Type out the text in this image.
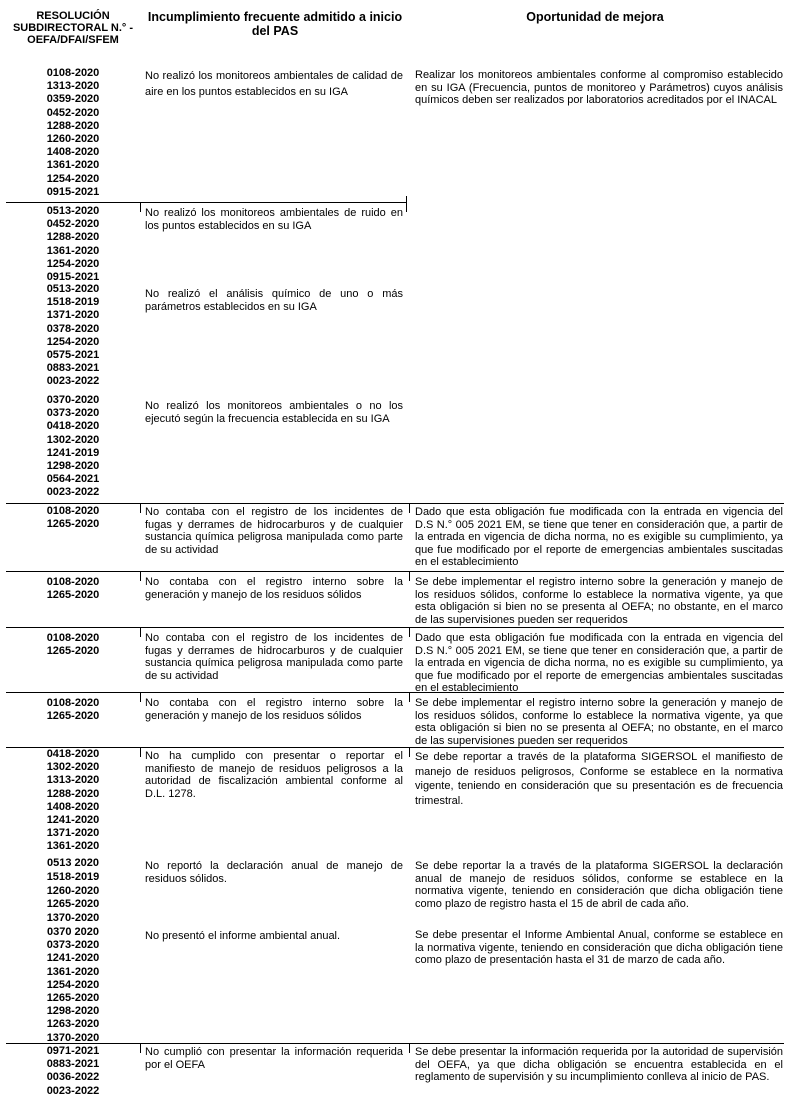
RESOLUCIÓN SUBDIRECTORAL N.° - OEFA/DFAI/SFEM
Incumplimiento frecuente admitido a inicio del PAS
Oportunidad de mejora
0108-2020
1313-2020
0359-2020
0452-2020
1288-2020
1260-2020
1408-2020
1361-2020
1254-2020
0915-2021
No realizó los monitoreos ambientales de calidad de aire en los puntos establecidos en su IGA
Realizar los monitoreos ambientales conforme al compromiso establecido en su IGA (Frecuencia, puntos de monitoreo y Parámetros) cuyos análisis químicos deben ser realizados por laboratorios acreditados por el INACAL
0513-2020
0452-2020
1288-2020
1361-2020
1254-2020
0915-2021
No realizó los monitoreos ambientales de ruido en los puntos establecidos en su IGA
0513-2020
1518-2019
1371-2020
0378-2020
1254-2020
0575-2021
0883-2021
0023-2022
No realizó el análisis químico de uno o más parámetros establecidos en su IGA
0370-2020
0373-2020
0418-2020
1302-2020
1241-2019
1298-2020
0564-2021
0023-2022
No realizó los monitoreos ambientales o no los ejecutó según la frecuencia establecida en su IGA
0108-2020
1265-2020
No contaba con el registro de los incidentes de fugas y derrames de hidrocarburos y de cualquier sustancia química peligrosa manipulada como parte de su actividad
Dado que esta obligación fue modificada con la entrada en vigencia del D.S N.° 005 2021 EM, se tiene que tener en consideración que, a partir de la entrada en vigencia de dicha norma, no es exigible su cumplimiento, ya que fue modificado por el reporte de emergencias ambientales suscitadas en el establecimiento
0108-2020
1265-2020
No contaba con el registro interno sobre la generación y manejo de los residuos sólidos
Se debe implementar el registro interno sobre la generación y manejo de los residuos sólidos, conforme lo establece la normativa vigente, ya que esta obligación si bien no se presenta al OEFA; no obstante, en el marco de las supervisiones pueden ser requeridos
0108-2020
1265-2020
No contaba con el registro de los incidentes de fugas y derrames de hidrocarburos y de cualquier sustancia química peligrosa manipulada como parte de su actividad
Dado que esta obligación fue modificada con la entrada en vigencia del D.S N.° 005 2021 EM, se tiene que tener en consideración que, a partir de la entrada en vigencia de dicha norma, no es exigible su cumplimiento, ya que fue modificado por el reporte de emergencias ambientales suscitadas en el establecimiento
0108-2020
1265-2020
No contaba con el registro interno sobre la generación y manejo de los residuos sólidos
Se debe implementar el registro interno sobre la generación y manejo de los residuos sólidos, conforme lo establece la normativa vigente, ya que esta obligación si bien no se presenta al OEFA; no obstante, en el marco de las supervisiones pueden ser requeridos
0418-2020
1302-2020
1313-2020
1288-2020
1408-2020
1241-2020
1371-2020
1361-2020
No ha cumplido con presentar o reportar el manifiesto de manejo de residuos peligrosos a la autoridad de fiscalización ambiental conforme al D.L. 1278.
Se debe reportar a través de la plataforma SIGERSOL el manifiesto de manejo de residuos peligrosos, Conforme se establece en la normativa vigente, teniendo en consideración que su presentación es de frecuencia trimestral.
0513 2020
1518-2019
1260-2020
1265-2020
1370-2020
No reportó la declaración anual de manejo de residuos sólidos.
Se debe reportar la a través de la plataforma SIGERSOL la declaración anual de manejo de residuos sólidos, conforme se establece en la normativa vigente, teniendo en consideración que dicha obligación tiene como plazo de registro hasta el 15 de abril de cada año.
0370 2020
0373-2020
1241-2020
1361-2020
1254-2020
1265-2020
1298-2020
1263-2020
1370-2020
No presentó el informe ambiental anual.	Se debe presentar el Informe Ambiental Anual, conforme se establece en la normativa vigente, teniendo en consideración que dicha obligación tiene como plazo de presentación hasta el 31 de marzo de cada año.
0971-2021
0883-2021
0036-2022
0023-2022
No cumplió con presentar la información requerida por el OEFA
Se debe presentar la información requerida por la autoridad de supervisión del OEFA, ya que dicha obligación se encuentra establecida en el reglamento de supervisión y su incumplimiento conlleva al inicio de PAS.
